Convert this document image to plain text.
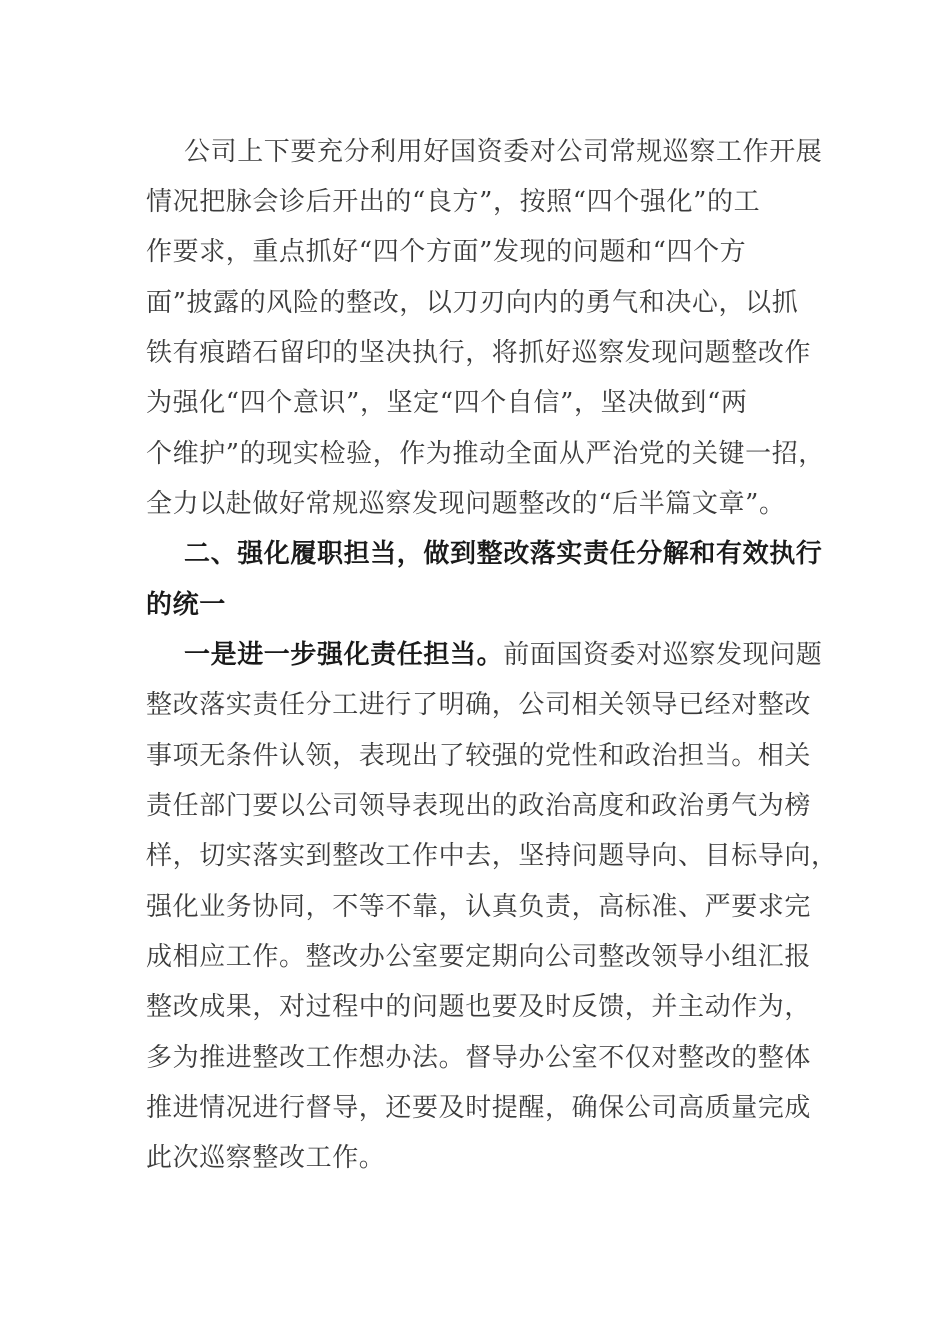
公司上下要充分利用好国资委对公司常规巡察工作开展
情况把脉会诊后开出的“良方”，按照“四个强化”的工
作要求，重点抓好“四个方面”发现的问题和“四个方
面”披露的风险的整改，以刀刃向内的勇气和决心，以抓
铁有痕踏石留印的坚决执行，将抓好巡察发现问题整改作
为强化“四个意识”，坚定“四个自信”，坚决做到“两
个维护”的现实检验，作为推动全面从严治党的关键一招，
全力以赴做好常规巡察发现问题整改的“后半篇文章”。
二、强化履职担当，做到整改落实责任分解和有效执行
的统一
一是进一步强化责任担当。前面国资委对巡察发现问题
整改落实责任分工进行了明确，公司相关领导已经对整改
事项无条件认领，表现出了较强的党性和政治担当。相关
责任部门要以公司领导表现出的政治高度和政治勇气为榜
样，切实落实到整改工作中去，坚持问题导向、目标导向，
强化业务协同，不等不靠，认真负责，高标准、严要求完
成相应工作。整改办公室要定期向公司整改领导小组汇报
整改成果，对过程中的问题也要及时反馈，并主动作为，
多为推进整改工作想办法。督导办公室不仅对整改的整体
推进情况进行督导，还要及时提醒，确保公司高质量完成
此次巡察整改工作。
